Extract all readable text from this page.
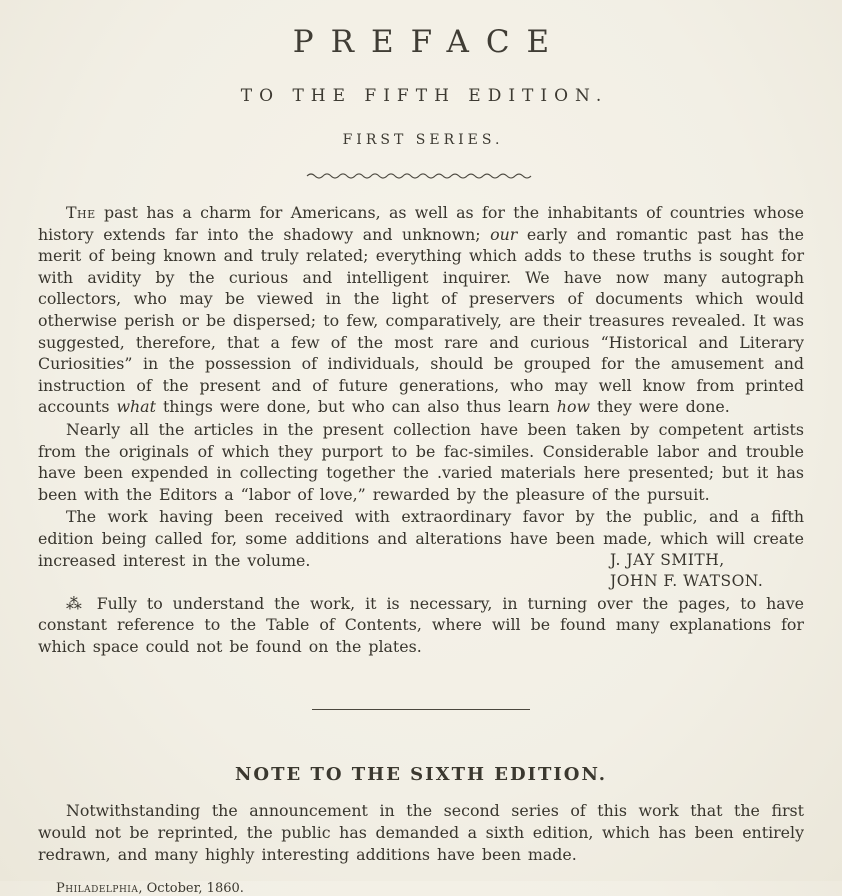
PREFACE
TO THE FIFTH EDITION.
FIRST SERIES.

The past has a charm for Americans, as well as for the inhabitants of countries whose history extends far into the shadowy and unknown; our early and romantic past has the merit of being known and truly related; everything which adds to these truths is sought for with avidity by the curious and intelligent inquirer. We have now many autograph collectors, who may be viewed in the light of preservers of documents which would otherwise perish or be dispersed; to few, comparatively, are their treasures revealed. It was suggested, therefore, that a few of the most rare and curious “Historical and Literary Curiosities” in the possession of individuals, should be grouped for the amusement and instruction of the present and of future generations, who may well know from printed accounts what things were done, but who can also thus learn how they were done.

Nearly all the articles in the present collection have been taken by competent artists from the originals of which they purport to be fac-similes. Considerable labor and trouble have been expended in collecting together the .varied materials here presented; but it has been with the Editors a “labor of love,” rewarded by the pleasure of the pursuit.

The work having been received with extraordinary favor by the public, and a fifth edition being called for, some additions and alterations have been made, which will create increased interest in the volume.	J. JAY SMITH,
JOHN F. WATSON.

⁂ Fully to understand the work, it is necessary, in turning over the pages, to have constant reference to the Table of Contents, where will be found many explanations for which space could not be found on the plates.

NOTE TO THE SIXTH EDITION.

Notwithstanding the announcement in the second series of this work that the first would not be reprinted, the public has demanded a sixth edition, which has been entirely redrawn, and many highly interesting additions have been made.

Philadelphia, October, 1860.
